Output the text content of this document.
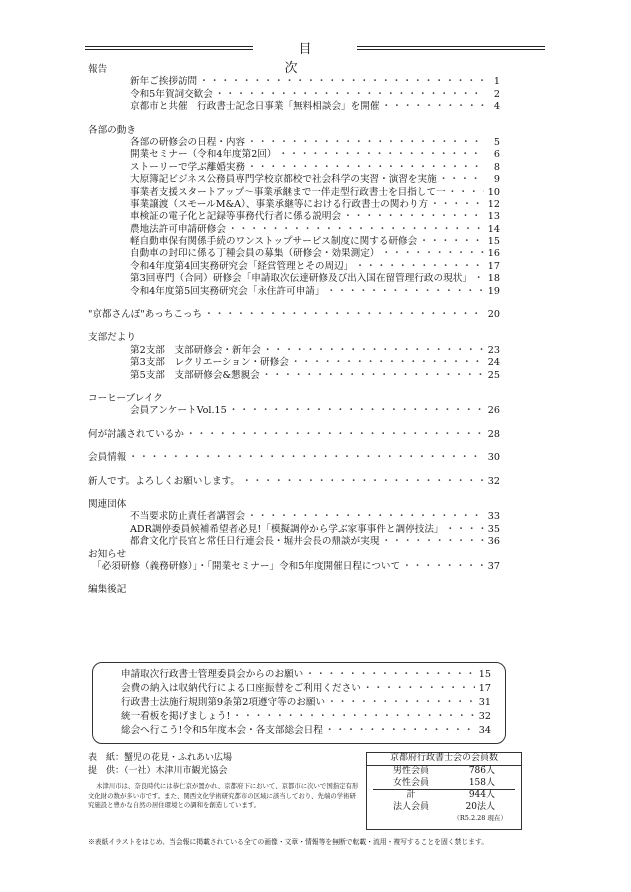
目　次
報告
新年ご挨拶訪問 ・・・・・・・・・・・・・・・・・・・・・・・・・・・・・・・・・・・・・・・・・・・・・・・・・・・・・・・・・・・・・・・・・・・・・・・・・・	1
令和5年賀詞交歓会 ・・・・・・・・・・・・・・・・・・・・・・・・・・・・・・・・・・・・・・・・・・・・・・・・・・・・・・・・・・・・・・・・・・・・・・・・・・	2
京都市と共催　行政書士記念日事業「無料相談会」を開催 ・・・・・・・・・・・・・・・・・・・・・・・・・・・・・・・・・・・・・・・・・・・・・・・・・・・・・・・・・・・・・・・・・・・・・・・・・・	4
各部の動き
各部の研修会の日程・内容 ・・・・・・・・・・・・・・・・・・・・・・・・・・・・・・・・・・・・・・・・・・・・・・・・・・・・・・・・・・・・・・・・・・・・・・・・・・	5
開業セミナー（令和4年度第2回） ・・・・・・・・・・・・・・・・・・・・・・・・・・・・・・・・・・・・・・・・・・・・・・・・・・・・・・・・・・・・・・・・・・・・・・・・・・	6
ストーリーで学ぶ離婚実務 ・・・・・・・・・・・・・・・・・・・・・・・・・・・・・・・・・・・・・・・・・・・・・・・・・・・・・・・・・・・・・・・・・・・・・・・・・・	8
大原簿記ビジネス公務員専門学校京都校で社会科学の実習・演習を実施 ・・・・・・・・・・・・・・・・・・・・・・・・・・・・・・・・・・・・・・・・・・・・・・・・・・・・・・・・・・・・・・・・・・・・・・・・・・	9
事業者支援スタートアップ～事業承継まで一伴走型行政書士を目指して一 ・・・・・・・・・・・・・・・・・・・・・・・・・・・・・・・・・・・・・・・・・・・・・・・・・・・・・・・・・・・・・・・・・・・・・・・・・・	10
事業譲渡（スモールM&A）、事業承継等における行政書士の関わり方 ・・・・・・・・・・・・・・・・・・・・・・・・・・・・・・・・・・・・・・・・・・・・・・・・・・・・・・・・・・・・・・・・・・・・・・・・・・	12
車検証の電子化と記録等事務代行者に係る説明会 ・・・・・・・・・・・・・・・・・・・・・・・・・・・・・・・・・・・・・・・・・・・・・・・・・・・・・・・・・・・・・・・・・・・・・・・・・・	13
農地法許可申請研修会 ・・・・・・・・・・・・・・・・・・・・・・・・・・・・・・・・・・・・・・・・・・・・・・・・・・・・・・・・・・・・・・・・・・・・・・・・・・	14
軽自動車保有関係手続のワンストップサービス制度に関する研修会 ・・・・・・・・・・・・・・・・・・・・・・・・・・・・・・・・・・・・・・・・・・・・・・・・・・・・・・・・・・・・・・・・・・・・・・・・・・	15
自動車の封印に係る丁種会員の募集（研修会・効果測定） ・・・・・・・・・・・・・・・・・・・・・・・・・・・・・・・・・・・・・・・・・・・・・・・・・・・・・・・・・・・・・・・・・・・・・・・・・・	16
令和4年度第4回実務研究会「経営管理とその周辺」 ・・・・・・・・・・・・・・・・・・・・・・・・・・・・・・・・・・・・・・・・・・・・・・・・・・・・・・・・・・・・・・・・・・・・・・・・・・	17
第3回専門（合同）研修会「申請取次伝達研修及び出入国在留管理行政の現状」 ・・・・・・・・・・・・・・・・・・・・・・・・・・・・・・・・・・・・・・・・・・・・・・・・・・・・・・・・・・・・・・・・・・・・・・・・・・ 18
令和4年度第5回実務研究会「永住許可申請」 ・・・・・・・・・・・・・・・・・・・・・・・・・・・・・・・・・・・・・・・・・・・・・・・・・・・・・・・・・・・・・・・・・・・・・・・・・・	19
"京都さんぽ"あっちこっち ・・・・・・・・・・・・・・・・・・・・・・・・・・・・・・・・・・・・・・・・・・・・・・・・・・・・・・・・・・・・・・・・・・・・・・・・・・	20
支部だより
第2支部　支部研修会・新年会 ・・・・・・・・・・・・・・・・・・・・・・・・・・・・・・・・・・・・・・・・・・・・・・・・・・・・・・・・・・・・・・・・・・・・・・・・・・	23
第3支部　レクリエーション・研修会 ・・・・・・・・・・・・・・・・・・・・・・・・・・・・・・・・・・・・・・・・・・・・・・・・・・・・・・・・・・・・・・・・・・・・・・・・・・	24
第5支部　支部研修会&懇親会 ・・・・・・・・・・・・・・・・・・・・・・・・・・・・・・・・・・・・・・・・・・・・・・・・・・・・・・・・・・・・・・・・・・・・・・・・・・	25
コーヒーブレイク
会員アンケートVol.15 ・・・・・・・・・・・・・・・・・・・・・・・・・・・・・・・・・・・・・・・・・・・・・・・・・・・・・・・・・・・・・・・・・・・・・・・・・・	26
何が討議されているか ・・・・・・・・・・・・・・・・・・・・・・・・・・・・・・・・・・・・・・・・・・・・・・・・・・・・・・・・・・・・・・・・・・・・・・・・・・	28
会員情報 ・・・・・・・・・・・・・・・・・・・・・・・・・・・・・・・・・・・・・・・・・・・・・・・・・・・・・・・・・・・・・・・・・・・・・・・・・・	30
新人です。よろしくお願いします。 ・・・・・・・・・・・・・・・・・・・・・・・・・・・・・・・・・・・・・・・・・・・・・・・・・・・・・・・・・・・・・・・・・・・・・・・・・・	32
関連団体
不当要求防止責任者講習会 ・・・・・・・・・・・・・・・・・・・・・・・・・・・・・・・・・・・・・・・・・・・・・・・・・・・・・・・・・・・・・・・・・・・・・・・・・・	33
ADR調停委員候補希望者必見!「模擬調停から学ぶ家事事件と調停技法」 ・・・・・・・・・・・・・・・・・・・・・・・・・・・・・・・・・・・・・・・・・・・・・・・・・・・・・・・・・・・・・・・・・・・・・・・・・・	35
都倉文化庁長官と常任日行連会長・堀井会長の鼎談が実現 ・・・・・・・・・・・・・・・・・・・・・・・・・・・・・・・・・・・・・・・・・・・・・・・・・・・・・・・・・・・・・・・・・・・・・・・・・・	36
お知らせ
「必須研修（義務研修）」・「開業セミナー」令和5年度開催日程について ・・・・・・・・・・・・・・・・・・・・・・・・・・・・・・・・・・・・・・・・・・・・・・・・・・・・・・・・・・・・・・・・・・・・・・・・・・	37
編集後記
申請取次行政書士管理委員会からのお願い ・・・・・・・・・・・・・・・・・・・・・・・・・・・・・・・・・・・・・・・・・・・・・・・・・・・・・・・・・・・・・・・・・・・・・・・・・・	15
会費の納入は収納代行による口座振替をご利用ください ・・・・・・・・・・・・・・・・・・・・・・・・・・・・・・・・・・・・・・・・・・・・・・・・・・・・・・・・・・・・・・・・・・・・・・・・・・	17
行政書士法施行規則第9条第2項遵守等のお願い ・・・・・・・・・・・・・・・・・・・・・・・・・・・・・・・・・・・・・・・・・・・・・・・・・・・・・・・・・・・・・・・・・・・・・・・・・・	31
統一看板を掲げましょう! ・・・・・・・・・・・・・・・・・・・・・・・・・・・・・・・・・・・・・・・・・・・・・・・・・・・・・・・・・・・・・・・・・・・・・・・・・・	32
総会へ行こう!令和5年度本会・各支部総会日程 ・・・・・・・・・・・・・・・・・・・・・・・・・・・・・・・・・・・・・・・・・・・・・・・・・・・・・・・・・・・・・・・・・・・・・・・・・・	34
表　紙：蟹児の花見・ふれあい広場
提　供：（一社）木津川市観光協会
木津川市は、奈良時代には恭仁京が置かれ、京都府下において、京都市に次いで国指定有形文化財の数が多い市です。また、関西文化学術研究都市の区域に該当しており、先端の学術研究施設と豊かな自然の居住環境との調和を創造しています。
京都府行政書士会の会員数
男性会員	786人
女性会員	158人
計	944人
法人会員	20法人
（R5.2.28 現在）
※表紙イラストをはじめ、当会報に掲載されている全ての画像・文章・情報等を無断で転載・流用・複写することを固く禁じます。
